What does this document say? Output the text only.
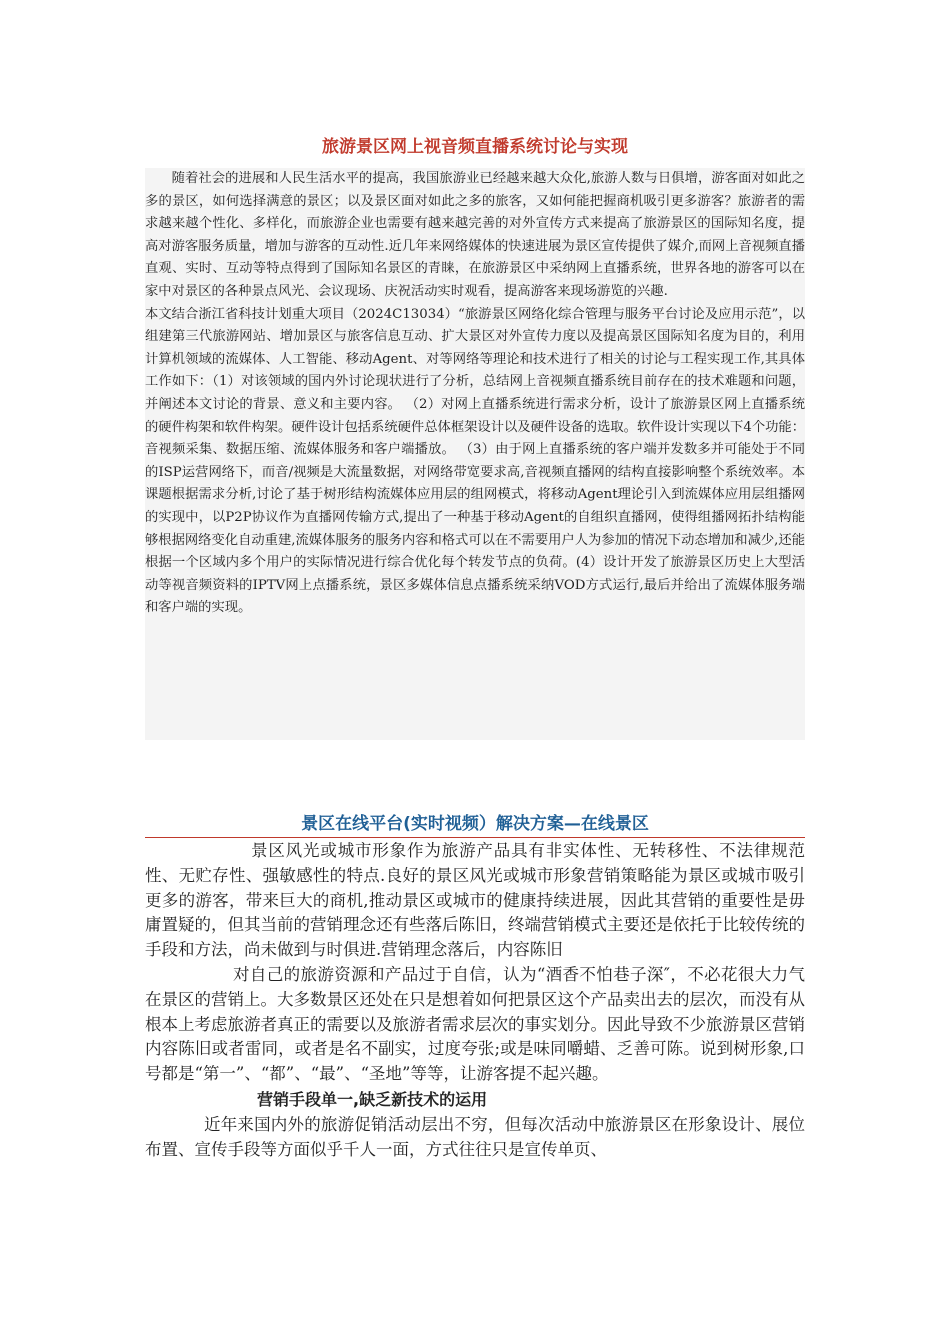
旅游景区网上视音频直播系统讨论与实现

随着社会的进展和人民生活水平的提高，我国旅游业已经越来越大众化,旅游人数与日俱增，游客面对如此之多的景区，如何选择满意的景区；以及景区面对如此之多的旅客，又如何能把握商机吸引更多游客？旅游者的需求越来越个性化、多样化，而旅游企业也需要有越来越完善的对外宣传方式来提高了旅游景区的国际知名度，提高对游客服务质量，增加与游客的互动性.近几年来网络媒体的快速进展为景区宣传提供了媒介,而网上音视频直播直观、实时、互动等特点得到了国际知名景区的青睐，在旅游景区中采纳网上直播系统，世界各地的游客可以在家中对景区的各种景点风光、会议现场、庆祝活动实时观看，提高游客来现场游览的兴趣.

本文结合浙江省科技计划重大项目（2024C13034）“旅游景区网络化综合管理与服务平台讨论及应用示范”，以组建第三代旅游网站、增加景区与旅客信息互动、扩大景区对外宣传力度以及提高景区国际知名度为目的，利用计算机领域的流媒体、人工智能、移动Agent、对等网络等理论和技术进行了相关的讨论与工程实现工作,其具体工作如下：（1）对该领域的国内外讨论现状进行了分析，总结网上音视频直播系统目前存在的技术难题和问题，并阐述本文讨论的背景、意义和主要内容。 （2）对网上直播系统进行需求分析，设计了旅游景区网上直播系统的硬件构架和软件构架。硬件设计包括系统硬件总体框架设计以及硬件设备的选取。软件设计实现以下4个功能：音视频采集、数据压缩、流媒体服务和客户端播放。 （3）由于网上直播系统的客户端并发数多并可能处于不同的ISP运营网络下，而音/视频是大流量数据，对网络带宽要求高,音视频直播网的结构直接影响整个系统效率。本课题根据需求分析,讨论了基于树形结构流媒体应用层的组网模式，将移动Agent理论引入到流媒体应用层组播网的实现中，以P2P协议作为直播网传输方式,提出了一种基于移动Agent的自组织直播网，使得组播网拓扑结构能够根据网络变化自动重建,流媒体服务的服务内容和格式可以在不需要用户人为参加的情况下动态增加和减少,还能根据一个区域内多个用户的实际情况进行综合优化每个转发节点的负荷。(4）设计开发了旅游景区历史上大型活动等视音频资料的IPTV网上点播系统，景区多媒体信息点播系统采纳VOD方式运行,最后并给出了流媒体服务端和客户端的实现。

景区在线平台(实时视频）解决方案—在线景区

景区风光或城市形象作为旅游产品具有非实体性、无转移性、不法律规范性、无贮存性、强敏感性的特点.良好的景区风光或城市形象营销策略能为景区或城市吸引更多的游客，带来巨大的商机,推动景区或城市的健康持续进展，因此其营销的重要性是毋庸置疑的，但其当前的营销理念还有些落后陈旧，终端营销模式主要还是依托于比较传统的手段和方法，尚未做到与时俱进.营销理念落后，内容陈旧

对自己的旅游资源和产品过于自信，认为“酒香不怕巷子深″，不必花很大力气在景区的营销上。大多数景区还处在只是想着如何把景区这个产品卖出去的层次，而没有从根本上考虑旅游者真正的需要以及旅游者需求层次的事实划分。因此导致不少旅游景区营销内容陈旧或者雷同，或者是名不副实，过度夸张;或是味同嚼蜡、乏善可陈。说到树形象,口号都是“第一”、“都”、“最”、“圣地”等等，让游客提不起兴趣。

营销手段单一,缺乏新技术的运用

近年来国内外的旅游促销活动层出不穷，但每次活动中旅游景区在形象设计、展位布置、宣传手段等方面似乎千人一面，方式往往只是宣传单页、
